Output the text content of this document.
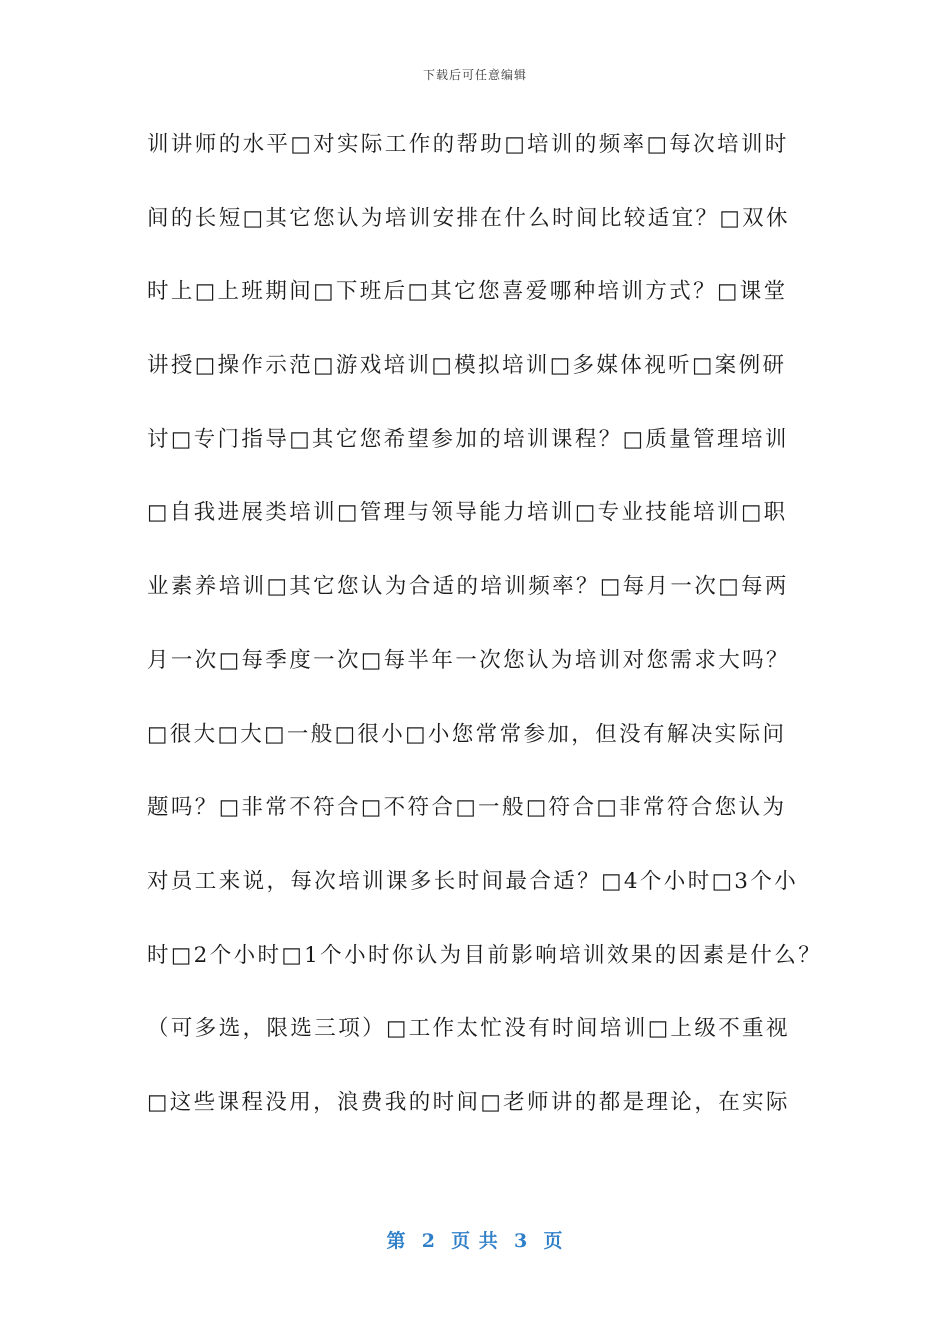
下载后可任意编辑
训讲师的水平□对实际工作的帮助□培训的频率□每次培训时
间的长短□其它您认为培训安排在什么时间比较适宜？□双休
时上□上班期间□下班后□其它您喜爱哪种培训方式？□课堂
讲授□操作示范□游戏培训□模拟培训□多媒体视听□案例研
讨□专门指导□其它您希望参加的培训课程？□质量管理培训
□自我进展类培训□管理与领导能力培训□专业技能培训□职
业素养培训□其它您认为合适的培训频率？□每月一次□每两
月一次□每季度一次□每半年一次您认为培训对您需求大吗？
□很大□大□一般□很小□小您常常参加，但没有解决实际问
题吗？□非常不符合□不符合□一般□符合□非常符合您认为
对员工来说，每次培训课多长时间最合适？□4个小时□3个小
时□2个小时□1个小时你认为目前影响培训效果的因素是什么？
（可多选，限选三项）□工作太忙没有时间培训□上级不重视
□这些课程没用，浪费我的时间□老师讲的都是理论，在实际
第  2  页 共  3  页
